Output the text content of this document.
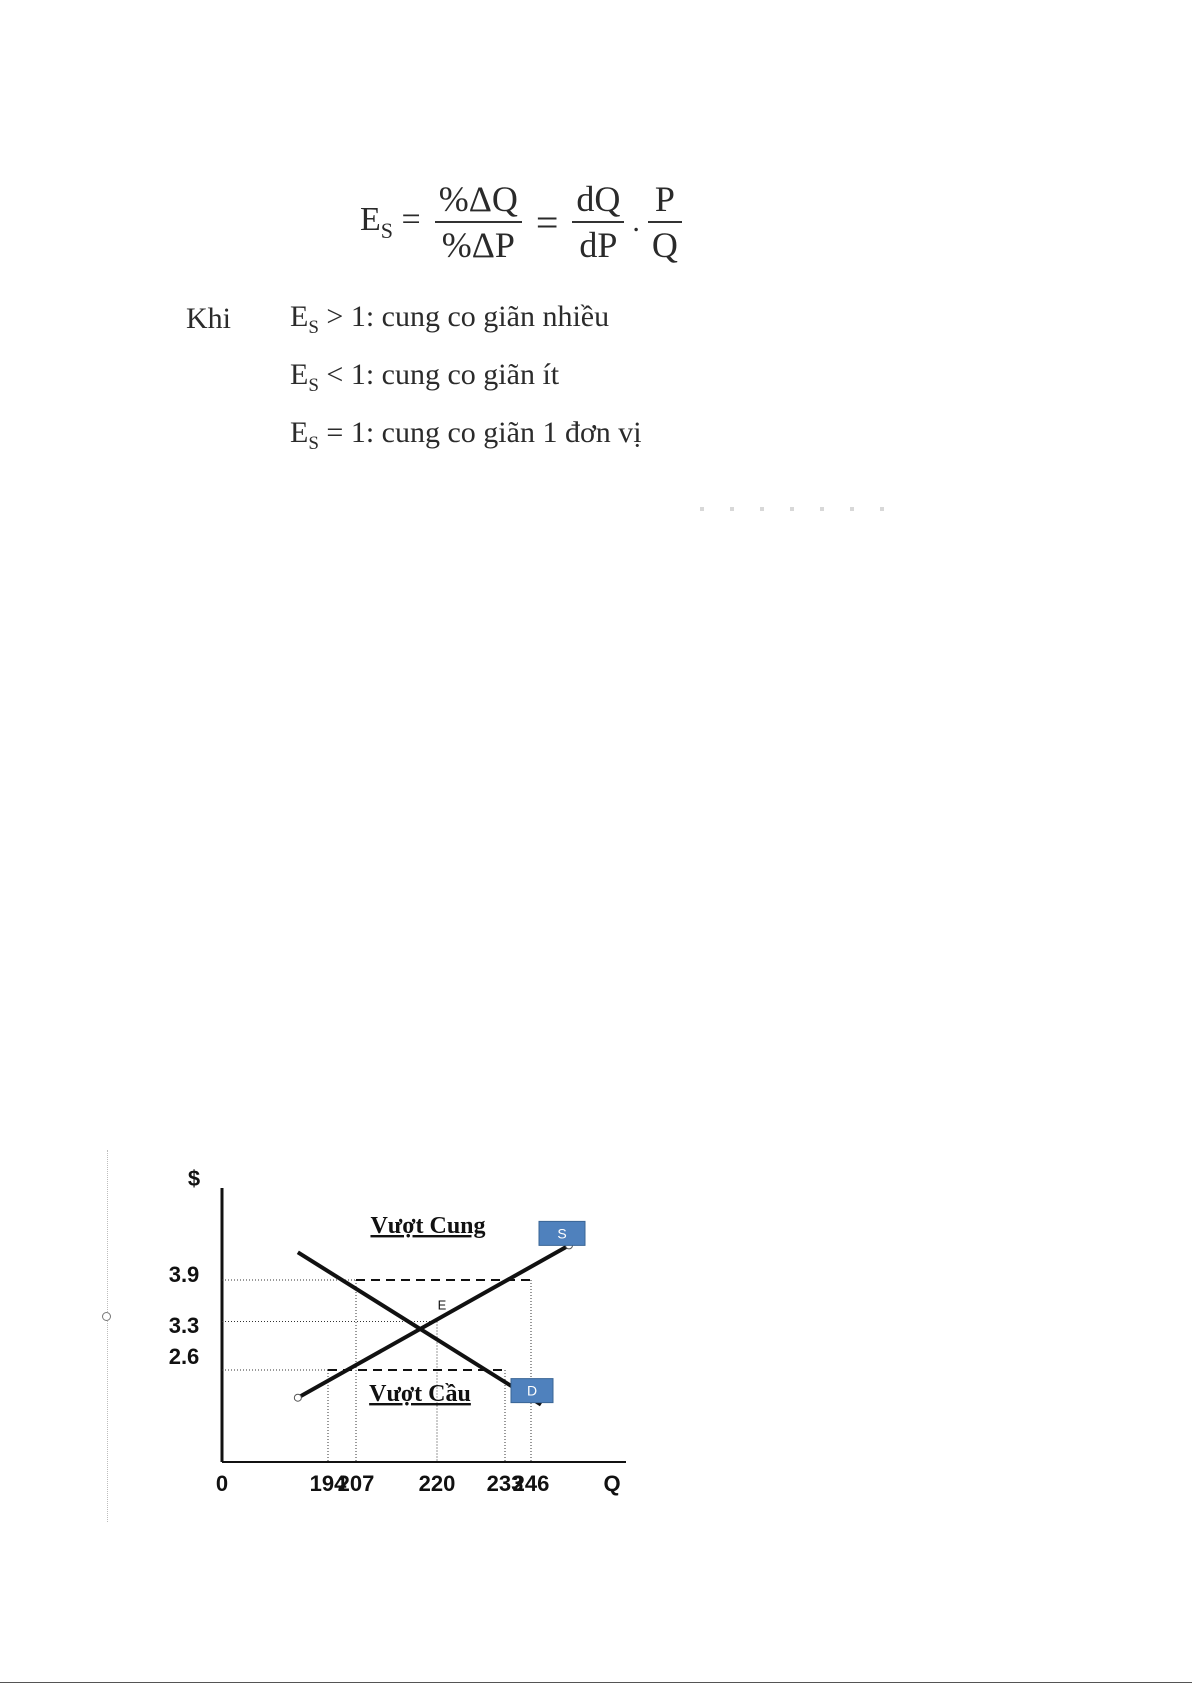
$E_S = \frac{\%\Delta Q}{\%\Delta P} = \frac{dQ}{dP}$ . $\frac{P}{Q}$
Khi	$E_S > 1$: cung co giãn nhiều
$E_S < 1$: cung co giãn ít
$E_S = 1$: cung co giãn 1 đơn vị
S
D
E
Vượt Cung
Vượt Cầu
$
Q
0	194
207 220 233
246
3.9
3.3
2.6
